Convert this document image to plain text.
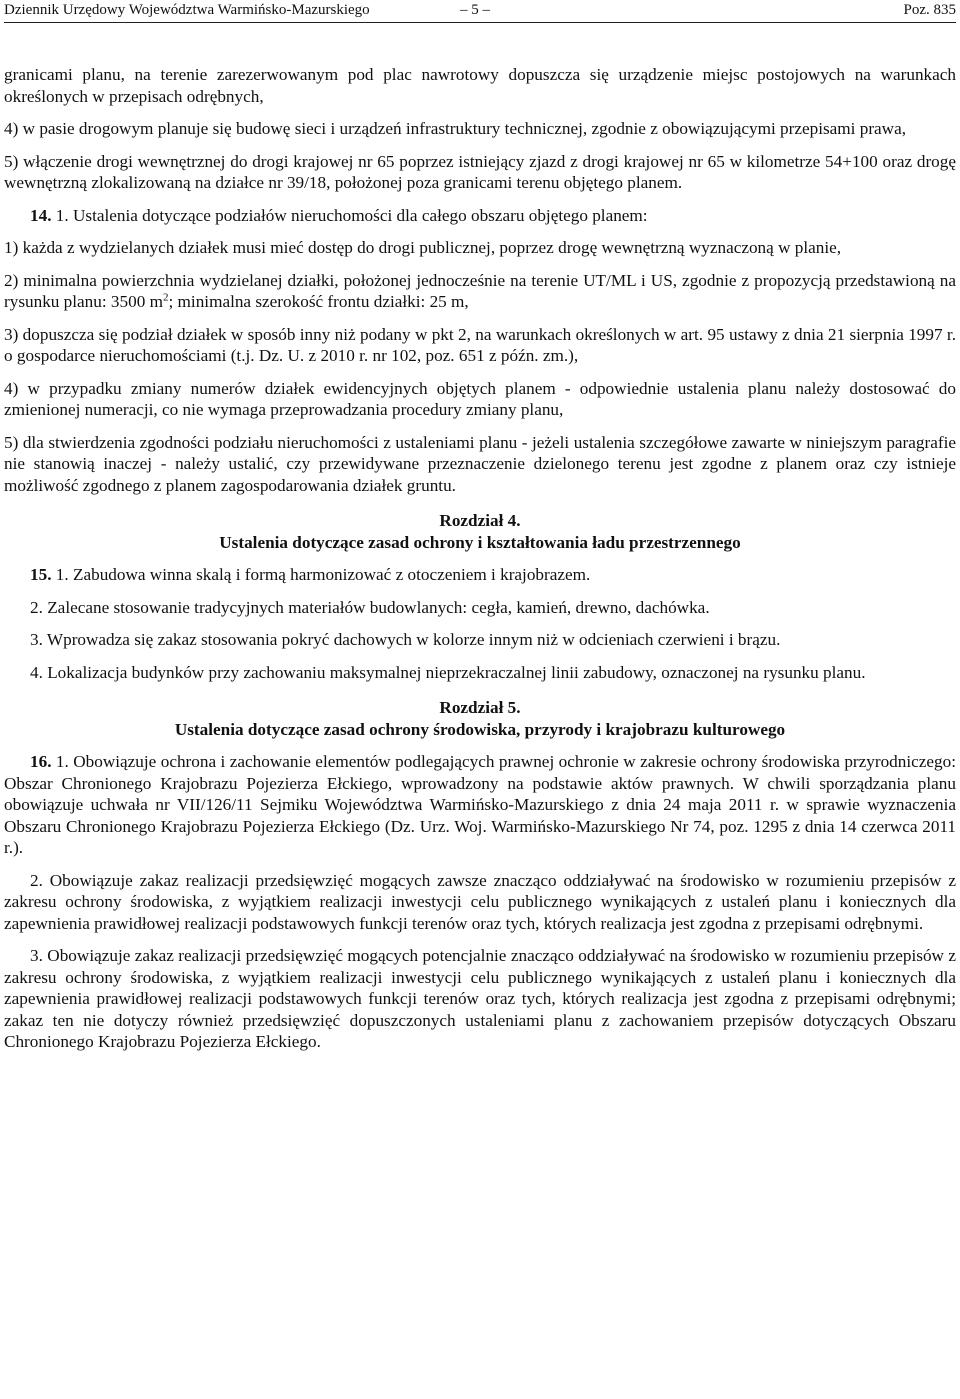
Dziennik Urzędowy Województwa Warmińsko-Mazurskiego	– 5 –	Poz. 835

granicami planu, na terenie zarezerwowanym pod plac nawrotowy dopuszcza się urządzenie miejsc postojowych na warunkach określonych w przepisach odrębnych,

4) w pasie drogowym planuje się budowę sieci i urządzeń infrastruktury technicznej, zgodnie z obowiązującymi przepisami prawa,

5) włączenie drogi wewnętrznej do drogi krajowej nr 65 poprzez istniejący zjazd z drogi krajowej nr 65 w kilometrze 54+100 oraz drogę wewnętrzną zlokalizowaną na działce nr 39/18, położonej poza granicami terenu objętego planem.

14. 1. Ustalenia dotyczące podziałów nieruchomości dla całego obszaru objętego planem:

1) każda z wydzielanych działek musi mieć dostęp do drogi publicznej, poprzez drogę wewnętrzną wyznaczoną w planie,

2) minimalna powierzchnia wydzielanej działki, położonej jednocześnie na terenie UT/ML i US, zgodnie z propozycją przedstawioną na rysunku planu: 3500 $m^2$; minimalna szerokość frontu działki: 25 m,

3) dopuszcza się podział działek w sposób inny niż podany w pkt 2, na warunkach określonych w art. 95 ustawy z dnia 21 sierpnia 1997 r. o gospodarce nieruchomościami (t.j. Dz. U. z 2010 r. nr 102, poz. 651 z późn. zm.),

4) w przypadku zmiany numerów działek ewidencyjnych objętych planem - odpowiednie ustalenia planu należy dostosować do zmienionej numeracji, co nie wymaga przeprowadzania procedury zmiany planu,

5) dla stwierdzenia zgodności podziału nieruchomości z ustaleniami planu - jeżeli ustalenia szczegółowe zawarte w niniejszym paragrafie nie stanowią inaczej - należy ustalić, czy przewidywane przeznaczenie dzielonego terenu jest zgodne z planem oraz czy istnieje możliwość zgodnego z planem zagospodarowania działek gruntu.

Rozdział 4.
Ustalenia dotyczące zasad ochrony i kształtowania ładu przestrzennego

15. 1. Zabudowa winna skalą i formą harmonizować z otoczeniem i krajobrazem.

2. Zalecane stosowanie tradycyjnych materiałów budowlanych: cegła, kamień, drewno, dachówka.

3. Wprowadza się zakaz stosowania pokryć dachowych w kolorze innym niż w odcieniach czerwieni i brązu.

4. Lokalizacja budynków przy zachowaniu maksymalnej nieprzekraczalnej linii zabudowy, oznaczonej na rysunku planu.

Rozdział 5.
Ustalenia dotyczące zasad ochrony środowiska, przyrody i krajobrazu kulturowego

16. 1. Obowiązuje ochrona i zachowanie elementów podlegających prawnej ochronie w zakresie ochrony środowiska przyrodniczego: Obszar Chronionego Krajobrazu Pojezierza Ełckiego, wprowadzony na podstawie aktów prawnych. W chwili sporządzania planu obowiązuje uchwała nr VII/126/11 Sejmiku Województwa Warmińsko-Mazurskiego z dnia 24 maja 2011 r. w sprawie wyznaczenia Obszaru Chronionego Krajobrazu Pojezierza Ełckiego (Dz. Urz. Woj. Warmińsko-Mazurskiego Nr 74, poz. 1295 z dnia 14 czerwca 2011 r.).

2. Obowiązuje zakaz realizacji przedsięwzięć mogących zawsze znacząco oddziaływać na środowisko w rozumieniu przepisów z zakresu ochrony środowiska, z wyjątkiem realizacji inwestycji celu publicznego wynikających z ustaleń planu i koniecznych dla zapewnienia prawidłowej realizacji podstawowych funkcji terenów oraz tych, których realizacja jest zgodna z przepisami odrębnymi.

3. Obowiązuje zakaz realizacji przedsięwzięć mogących potencjalnie znacząco oddziaływać na środowisko w rozumieniu przepisów z zakresu ochrony środowiska, z wyjątkiem realizacji inwestycji celu publicznego wynikających z ustaleń planu i koniecznych dla zapewnienia prawidłowej realizacji podstawowych funkcji terenów oraz tych, których realizacja jest zgodna z przepisami odrębnymi; zakaz ten nie dotyczy również przedsięwzięć dopuszczonych ustaleniami planu z zachowaniem przepisów dotyczących Obszaru Chronionego Krajobrazu Pojezierza Ełckiego.
